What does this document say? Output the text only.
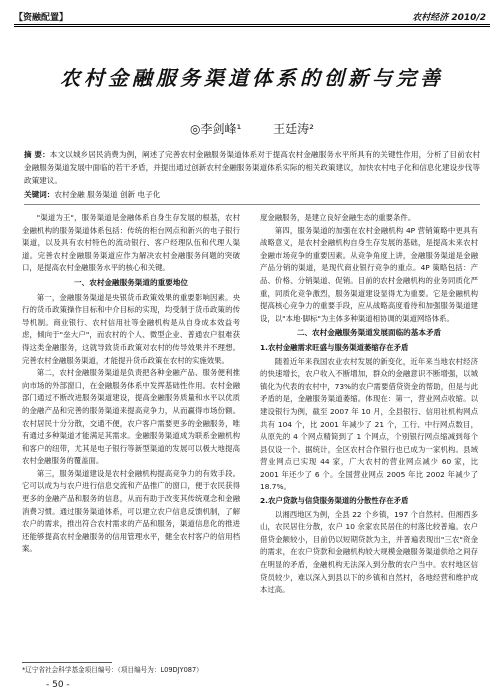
【资融配置】	农村经济 2010/2
农村金融服务渠道体系的创新与完善
◎李剑峰¹	王廷涛²
摘 要：本文以城乡居民消费为例，阐述了完善农村金融服务渠道体系对于提高农村金融服务水平所具有的关键性作用，分析了目前农村金融服务渠道发展中面临的若干矛盾，并提出通过创新农村金融服务渠道体系实际的相关政策建议，加快农村电子化和信息化建设步伐等政策建议。
关键词：农村金融 服务渠道 创新 电子化

"渠道为王"，服务渠道是金融体系自身生存发展的根基，农村金融机构的服务渠道体系包括：传统的柜台网点和新兴的电子银行渠道，以及具有农村特色的流动银行、客户经理队伍和代理人渠道。完善农村金融服务渠道应作为解决农村金融服务问题的突破口，是提高农村金融服务水平的核心和关键。

一、农村金融服务渠道的重要地位

第一，金融服务渠道是央银货币政策效果的重要影响因素。央行的货币政策操作目标和中介目标的实现，均受制于货币政策的传导机制。商业银行、农村信用社等金融机构是从自身成本效益考虑，倾向于"垒大户"，而农村的个人、微型企业、普通农户很难获得这类金融服务，这就导致货币政策对农村的传导效果并不理想。完善农村金融服务渠道，才能提升货币政策在农村的实施效果。

第二，农村金融服务渠道是负责把各种金融产品、服务便利推向市场的外部窗口，在金融服务体系中发挥基础性作用。农村金融部门通过不断改进服务渠道建设，提高金融服务质量和水平以优质的金融产品和完善的服务渠道来提高竞争力，从而赢得市场份额。农村居民十分分散，交通不便，农户客户需要更多的金融服务，唯有通过多种渠道才能满足其需求。金融服务渠道成为联系金融机构和客户的纽带，尤其是电子银行等新型渠道的发展可以极大地提高农村金融服务的覆盖面。

第三，服务渠道建设是农村金融机构提高竞争力的有效手段。它可以成为与农户进行信息交流和产品推广的窗口，便于农民获得更多的金融产品和服务的信息，从而有助于改变其传统观念和金融消费习惯。通过服务渠道体系，可以建立农户信息反馈机制，了解农户的需求，推出符合农村需求的产品和服务，渠道信息化的推进还能够提高农村金融服务的信用管理水平，健全农村客户的信用档案。

度金融服务，是建立良好金融生态的重要条件。

第四，服务渠道的加强在农村金融机构 4P 营销策略中更具有战略意义，是农村金融机构自身生存发展的基础，是提高未来农村金融市场竞争的重要因素。从竞争角度上讲，金融服务渠道是金融产品分销的渠道，是现代商业银行竞争的重点。4P 策略包括：产品、价格、分销渠道、促销。目前的农村金融机构的业务同质化严重，同质化竞争激烈，服务渠道建设显得尤为重要。它是金融机构提高核心竞争力的重要手段，应从战略高度看待和加强服务渠道建设，以"本地·脚标"为主体多种渠道相协调的渠道网络体系。

二、农村金融服务渠道发展面临的基本矛盾
1.农村金融需求旺盛与服务渠道萎缩存在矛盾

随着近年来我国农业农村发展的新变化，近年来当地农村经济的快速增长，农户收入不断增加，群众的金融意识不断增强，以城镇化为代表的农村中，73%的农户需要借贷资金的帮助，但是与此矛盾的是，金融服务渠道萎缩。体现在：第一，营业网点收缩。以建设银行为例，截至 2007 年 10 月，全县银行、信用社机构网点共有 104 个，比 2001 年减少了 21 个，工行、中行网点数目，从原先的 4 个网点精简到了 1 个网点，个别银行网点缩减到每个县仅设一个。据统计，全区农村合作银行也已成为一家机构。县域营业网点已实现 44 家，广大农村的营业网点减少 60 家，比 2001 年还少了 6 个。全国营业网点 2005 年比 2002 年减少了 18.7%。

2.农户贷款与信贷服务渠道的分散性存在矛盾

以湘西地区为例，全县 22 个乡镇，197 个自然村。但湘西多山，农民居住分散，农户 10 余家农民居住的村落比较普遍。农户借贷金额较小，目前仍以短期贷款为主，并普遍表现出"三农"资金的需求，在农户贷款和金融机构较大规模金融服务渠道供给之间存在明显的矛盾，金融机构无法深入到分散的农户当中。农村地区信贷员较少，难以深入到县以下的乡镇和自然村，各地经营和维护成本过高。

*辽宁省社会科学基金项目编号：（项目编号为：L09DJY087）
- 50 -
